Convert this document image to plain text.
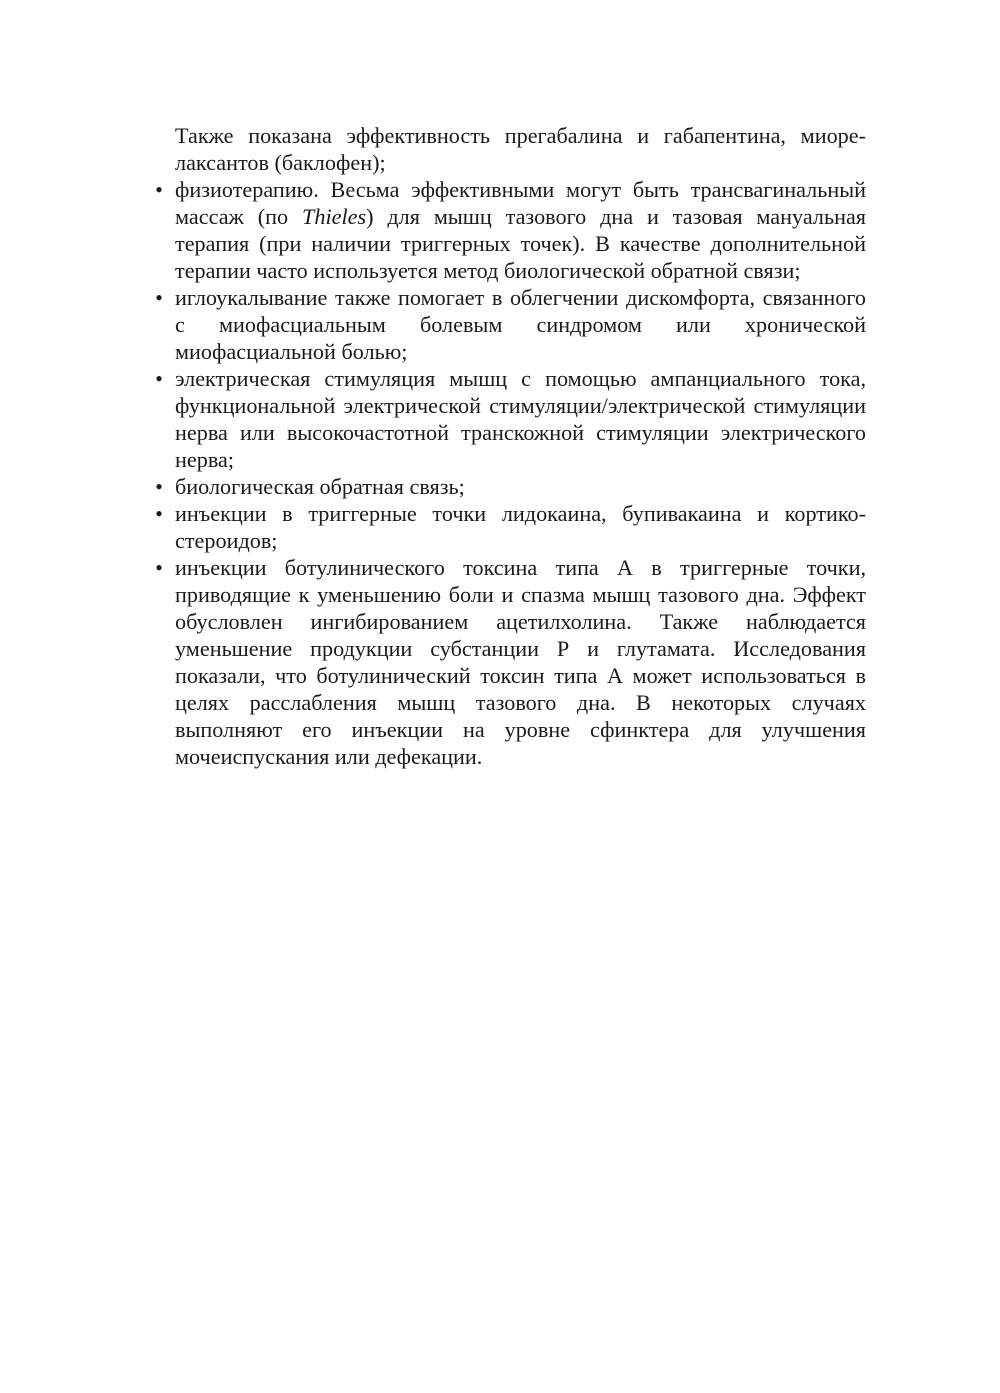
Также показана эффективность прегабалина и габапентина, миорелаксантов (баклофен);

• физиотерапию. Весьма эффективными могут быть трансвагинальный массаж (по Thieles) для мышц тазового дна и тазовая мануальная терапия (при наличии триггерных точек). В качестве дополнительной терапии часто используется метод биологической обратной связи;
• иглоукалывание также помогает в облегчении дискомфорта, связанного с миофасциальным болевым синдромом или хронической миофасциальной болью;
• электрическая стимуляция мышц с помощью ампанциального тока, функциональной электрической стимуляции/электрической стимуляции нерва или высокочастотной транскожной стимуляции электрического нерва;
• биологическая обратная связь;
• инъекции в триггерные точки лидокаина, бупивакаина и кортикостероидов;
• инъекции ботулинического токсина типа А в триггерные точки, приводящие к уменьшению боли и спазма мышц тазового дна. Эффект обусловлен ингибированием ацетилхолина. Также наблюдается уменьшение продукции субстанции Р и глутамата. Исследования показали, что ботулинический токсин типа А может использоваться в целях расслабления мышц тазового дна. В некоторых случаях выполняют его инъекции на уровне сфинктера для улучшения мочеиспускания или дефекации.
